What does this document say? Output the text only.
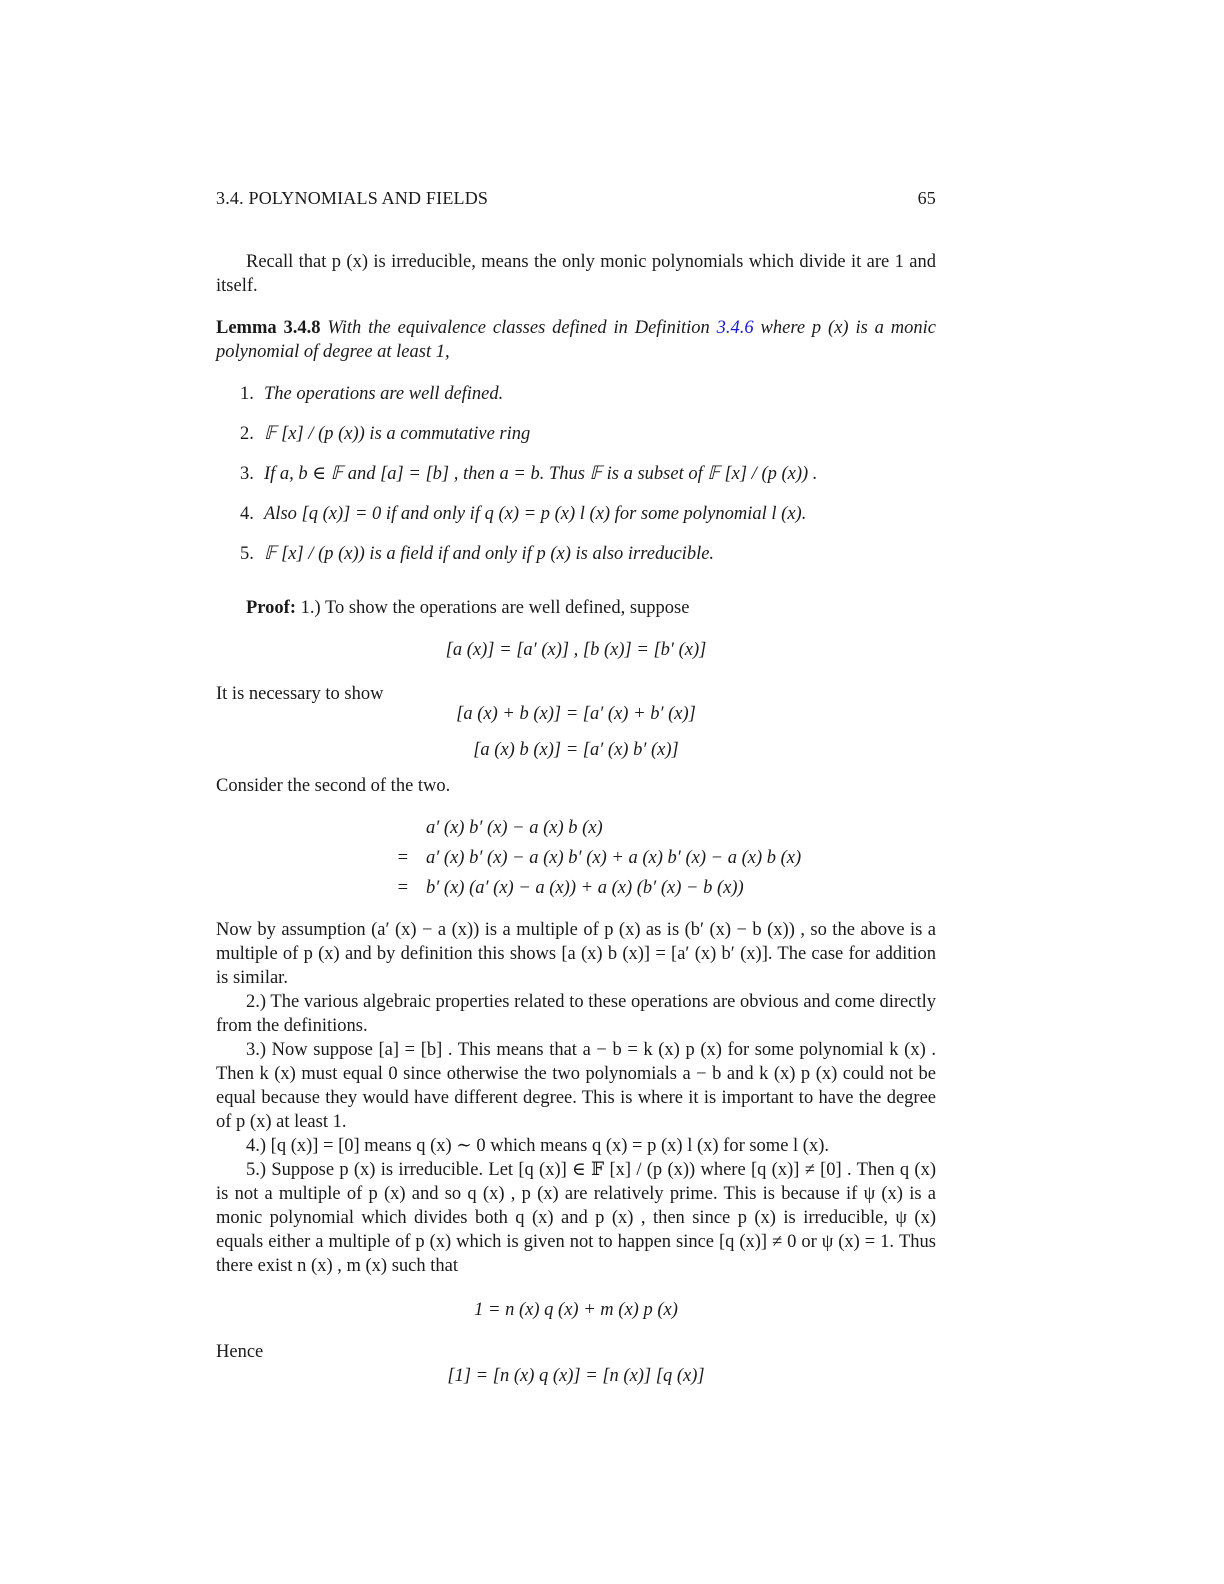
3.4. POLYNOMIALS AND FIELDS	65

Recall that p (x) is irreducible, means the only monic polynomials which divide it are 1 and itself.

Lemma 3.4.8 With the equivalence classes defined in Definition 3.4.6 where p (x) is a monic polynomial of degree at least 1,

1. The operations are well defined.
2. 𝔽 [x] / (p (x)) is a commutative ring
3. If a, b ∈ 𝔽 and [a] = [b] , then a = b. Thus 𝔽 is a subset of 𝔽 [x] / (p (x)) .
4. Also [q (x)] = 0 if and only if q (x) = p (x) l (x) for some polynomial l (x).
5. 𝔽 [x] / (p (x)) is a field if and only if p (x) is also irreducible.

Proof: 1.) To show the operations are well defined, suppose

[a (x)] = [a′ (x)] , [b (x)] = [b′ (x)]

It is necessary to show

[a (x) + b (x)] = [a′ (x) + b′ (x)]
[a (x) b (x)] = [a′ (x) b′ (x)]

Consider the second of the two.

a′ (x) b′ (x) − a (x) b (x)
= a′ (x) b′ (x) − a (x) b′ (x) + a (x) b′ (x) − a (x) b (x)
= b′ (x) (a′ (x) − a (x)) + a (x) (b′ (x) − b (x))

Now by assumption (a′ (x) − a (x)) is a multiple of p (x) as is (b′ (x) − b (x)) , so the above is a multiple of p (x) and by definition this shows [a (x) b (x)] = [a′ (x) b′ (x)]. The case for addition is similar.

2.) The various algebraic properties related to these operations are obvious and come directly from the definitions.

3.) Now suppose [a] = [b] . This means that a − b = k (x) p (x) for some polynomial k (x) . Then k (x) must equal 0 since otherwise the two polynomials a − b and k (x) p (x) could not be equal because they would have different degree. This is where it is important to have the degree of p (x) at least 1.

4.) [q (x)] = [0] means q (x) ∼ 0 which means q (x) = p (x) l (x) for some l (x).

5.) Suppose p (x) is irreducible. Let [q (x)] ∈ 𝔽 [x] / (p (x)) where [q (x)] ≠ [0] . Then q (x) is not a multiple of p (x) and so q (x) , p (x) are relatively prime. This is because if ψ (x) is a monic polynomial which divides both q (x) and p (x) , then since p (x) is irreducible, ψ (x) equals either a multiple of p (x) which is given not to happen since [q (x)] ≠ 0 or ψ (x) = 1. Thus there exist n (x) , m (x) such that

1 = n (x) q (x) + m (x) p (x)

Hence

[1] = [n (x) q (x)] = [n (x)] [q (x)]
